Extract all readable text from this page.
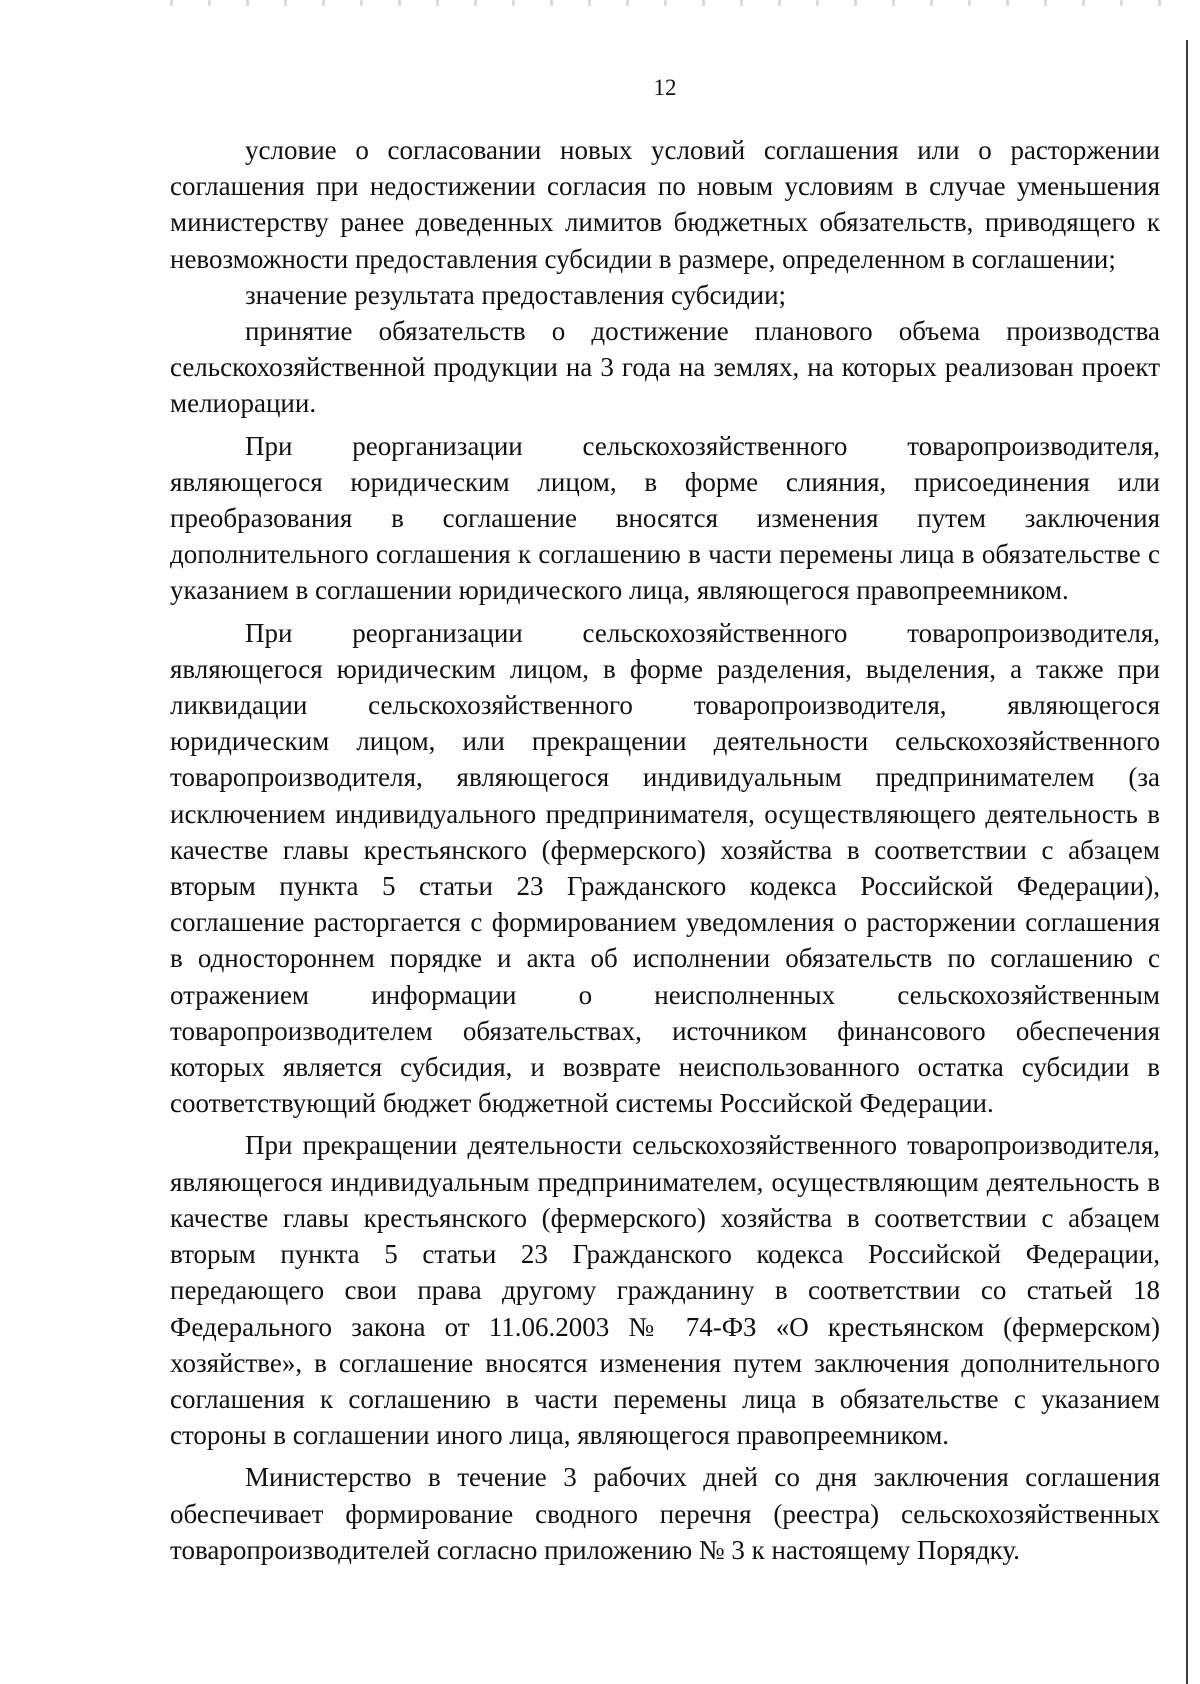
12

условие о согласовании новых условий соглашения или о расторжении соглашения при недостижении согласия по новым условиям в случае уменьшения министерству ранее доведенных лимитов бюджетных обязательств, приводящего к невозможности предоставления субсидии в размере, определенном в соглашении;

значение результата предоставления субсидии;

принятие обязательств о достижение планового объема производства сельскохозяйственной продукции на 3 года на землях, на которых реализован проект мелиорации.

При реорганизации сельскохозяйственного товаропроизводителя, являющегося юридическим лицом, в форме слияния, присоединения или преобразования в соглашение вносятся изменения путем заключения дополнительного соглашения к соглашению в части перемены лица в обязательстве с указанием в соглашении юридического лица, являющегося правопреемником.

При реорганизации сельскохозяйственного товаропроизводителя, являющегося юридическим лицом, в форме разделения, выделения, а также при ликвидации сельскохозяйственного товаропроизводителя, являющегося юридическим лицом, или прекращении деятельности сельскохозяйственного товаропроизводителя, являющегося индивидуальным предпринимателем (за исключением индивидуального предпринимателя, осуществляющего деятельность в качестве главы крестьянского (фермерского) хозяйства в соответствии с абзацем вторым пункта 5 статьи 23 Гражданского кодекса Российской Федерации), соглашение расторгается с формированием уведомления о расторжении соглашения в одностороннем порядке и акта об исполнении обязательств по соглашению с отражением информации о неисполненных сельскохозяйственным товаропроизводителем обязательствах, источником финансового обеспечения которых является субсидия, и возврате неиспользованного остатка субсидии в соответствующий бюджет бюджетной системы Российской Федерации.

При прекращении деятельности сельскохозяйственного товаропроизводителя, являющегося индивидуальным предпринимателем, осуществляющим деятельность в качестве главы крестьянского (фермерского) хозяйства в соответствии с абзацем вторым пункта 5 статьи 23 Гражданского кодекса Российской Федерации, передающего свои права другому гражданину в соответствии со статьей 18 Федерального закона от 11.06.2003 № 74-ФЗ «О крестьянском (фермерском) хозяйстве», в соглашение вносятся изменения путем заключения дополнительного соглашения к соглашению в части перемены лица в обязательстве с указанием стороны в соглашении иного лица, являющегося правопреемником.

Министерство в течение 3 рабочих дней со дня заключения соглашения обеспечивает формирование сводного перечня (реестра) сельскохозяйственных товаропроизводителей согласно приложению № 3 к настоящему Порядку.
